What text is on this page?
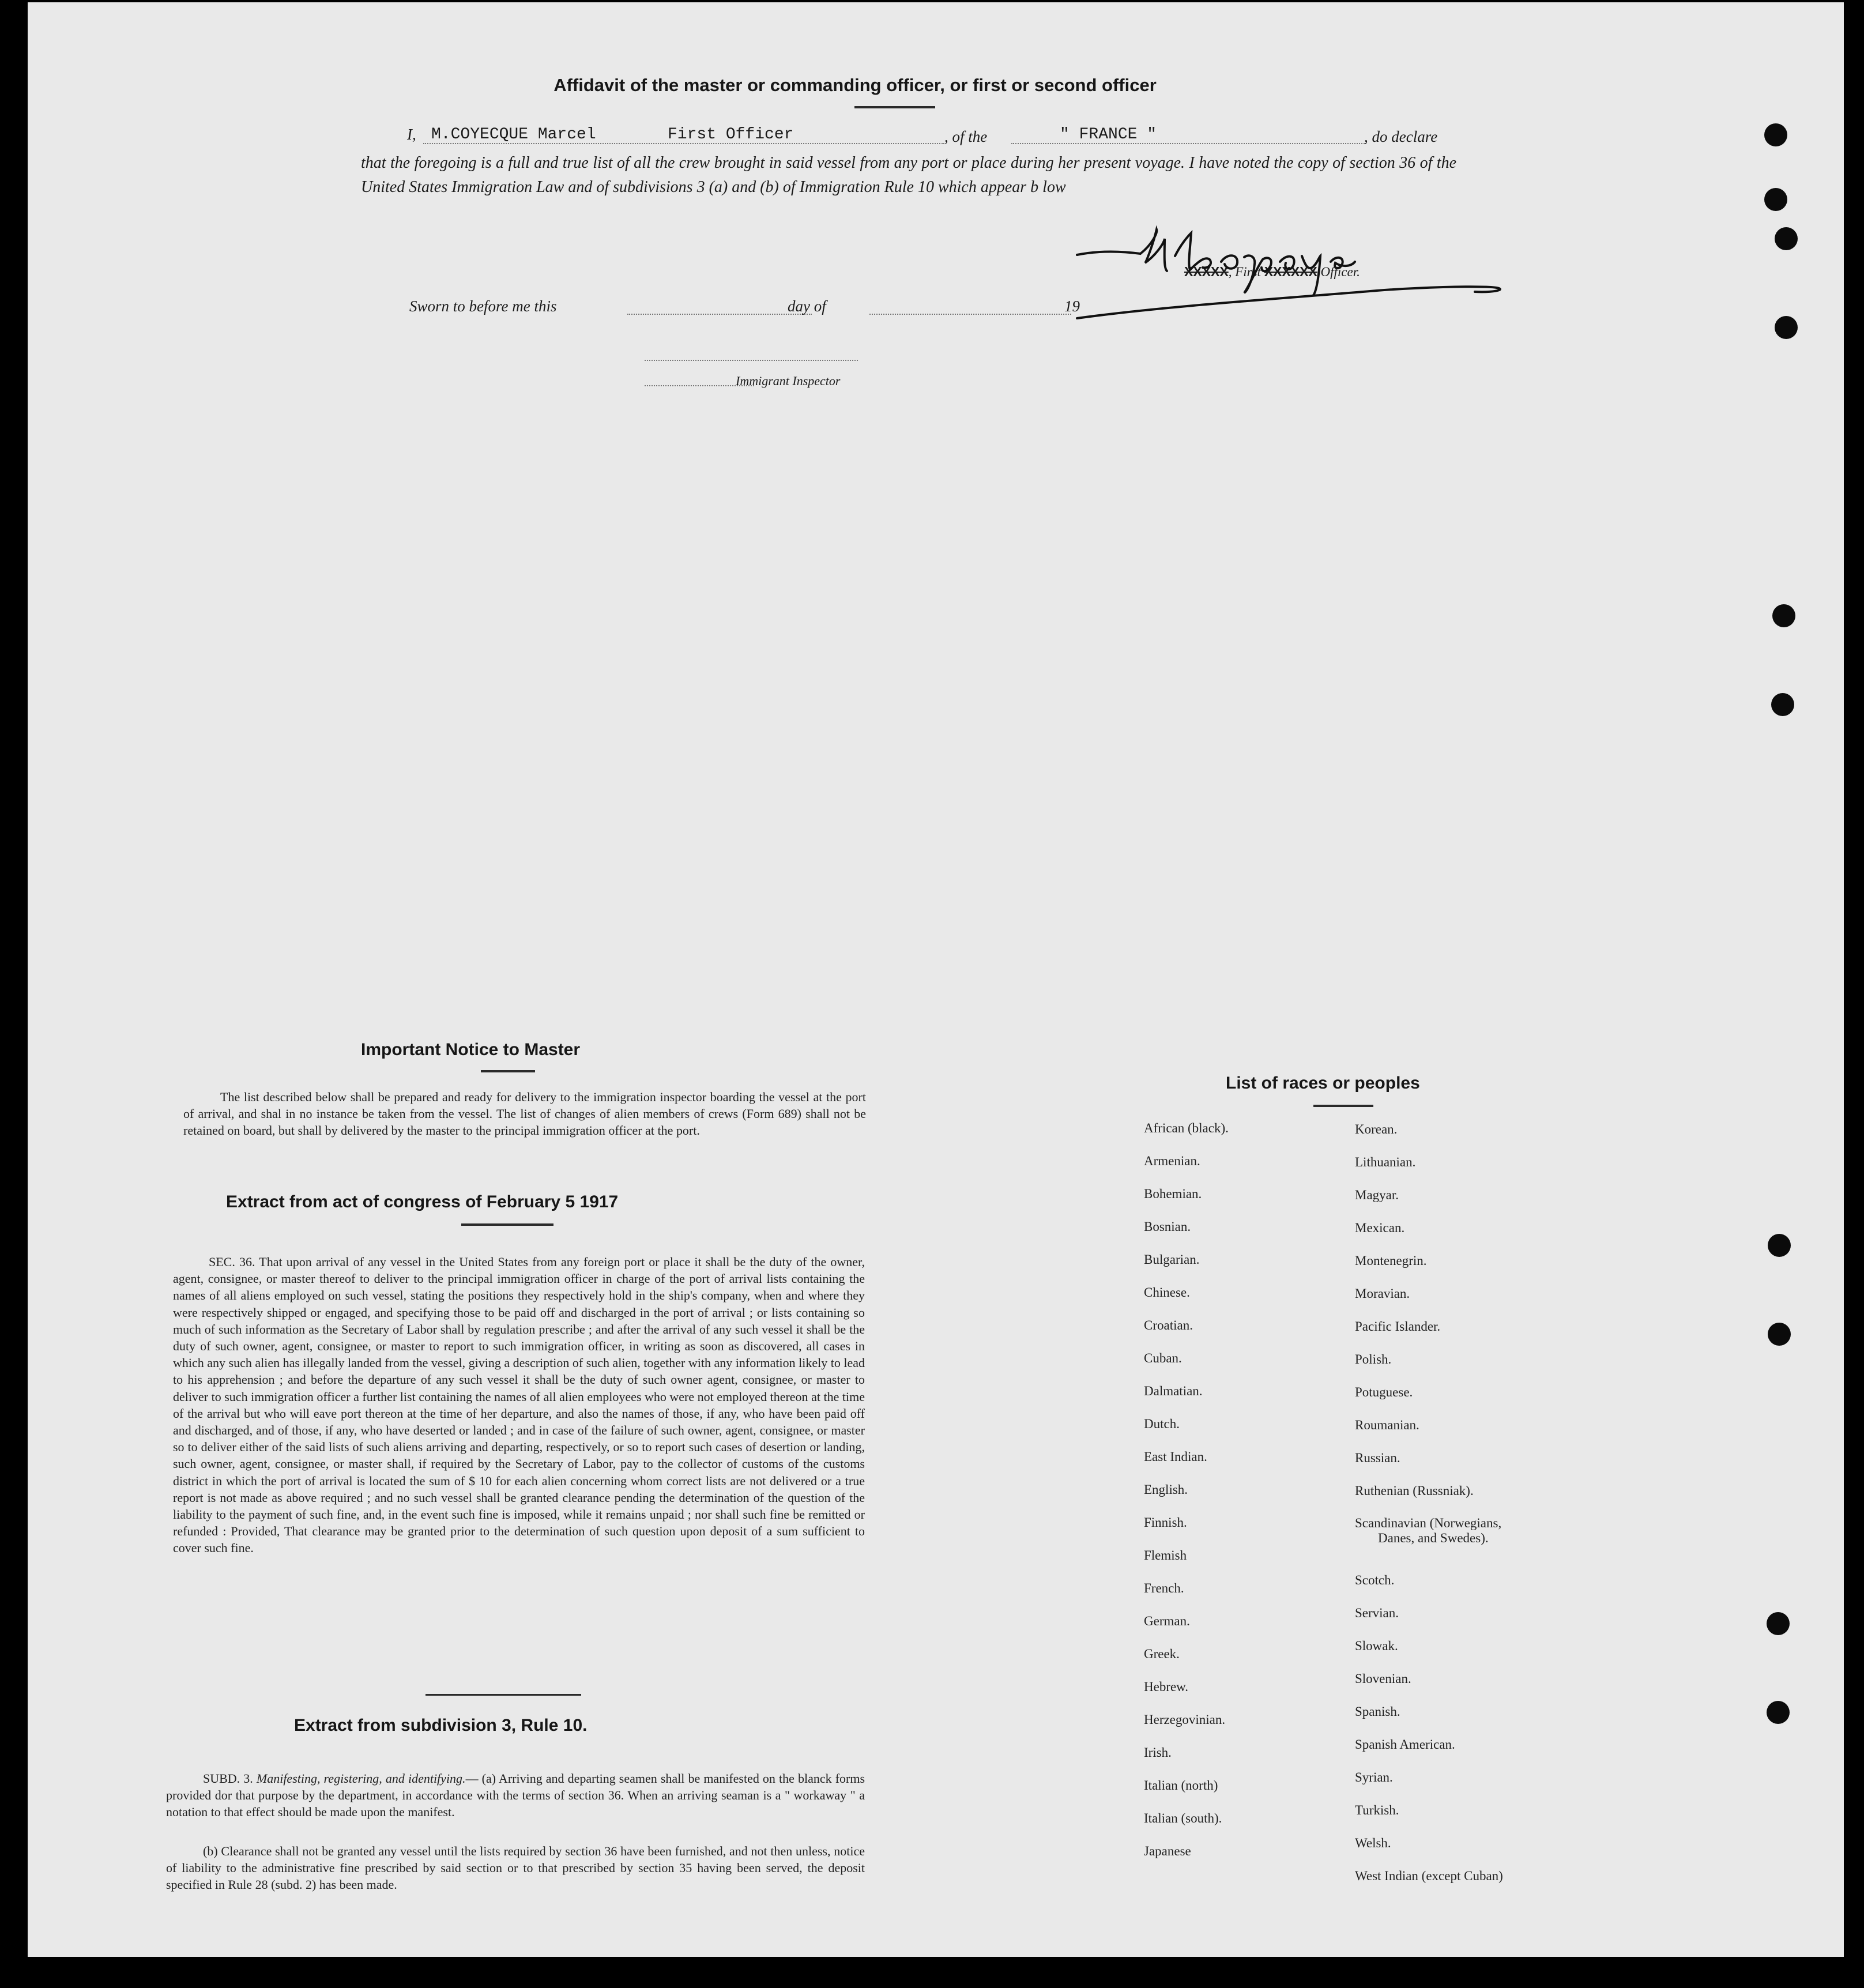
Affidavit of the master or commanding officer, or first or second officer
I, M.COYECQUE Marcel	First Officer	, of the	" FRANCE "	, do declare
that the foregoing is a full and true list of all the crew brought in said vessel from any port or place during her present voyage. I have noted the copy of section 36 of the United States Immigration Law and of subdivisions 3 (a) and (b) of Immigration Rule 10 which appear b low
XXXXX, First XXXXXX Officer.
Sworn to before me this	day of	19
Immigrant Inspector
Important Notice to Master
The list described below shall be prepared and ready for delivery to the immigration inspector boarding the vessel at the port of arrival, and shal in no instance be taken from the vessel. The list of changes of alien members of crews (Form 689) shall not be retained on board, but shall by delivered by the master to the principal immigration officer at the port.
Extract from act of congress of February 5 1917
SEC. 36. That upon arrival of any vessel in the United States from any foreign port or place it shall be the duty of the owner, agent, consignee, or master thereof to deliver to the principal immigration officer in charge of the port of arrival lists containing the names of all aliens employed on such vessel, stating the positions they respectively hold in the ship's company, when and where they were respectively shipped or engaged, and specifying those to be paid off and discharged in the port of arrival ; or lists containing so much of such information as the Secretary of Labor shall by regulation prescribe ; and after the arrival of any such vessel it shall be the duty of such owner, agent, consignee, or master to report to such immigration officer, in writing as soon as discovered, all cases in which any such alien has illegally landed from the vessel, giving a description of such alien, together with any information likely to lead to his apprehension ; and before the departure of any such vessel it shall be the duty of such owner agent, consignee, or master to deliver to such immigration officer a further list containing the names of all alien employees who were not employed thereon at the time of the arrival but who will eave port thereon at the time of her departure, and also the names of those, if any, who have been paid off and discharged, and of those, if any, who have deserted or landed ; and in case of the failure of such owner, agent, consignee, or master so to deliver either of the said lists of such aliens arriving and departing, respectively, or so to report such cases of desertion or landing, such owner, agent, consignee, or master shall, if required by the Secretary of Labor, pay to the collector of customs of the customs district in which the port of arrival is located the sum of $ 10 for each alien concerning whom correct lists are not delivered or a true report is not made as above required ; and no such vessel shall be granted clearance pending the determination of the question of the liability to the payment of such fine, and, in the event such fine is imposed, while it remains unpaid ; nor shall such fine be remitted or refunded : Provided, That clearance may be granted prior to the determination of such question upon deposit of a sum sufficient to cover such fine.
Extract from subdivision 3, Rule 10.
SUBD. 3. Manifesting, registering, and identifying.— (a) Arriving and departing seamen shall be manifested on the blanck forms provided dor that purpose by the department, in accordance with the terms of section 36. When an arriving seaman is a " workaway " a notation to that effect should be made upon the manifest.
(b) Clearance shall not be granted any vessel until the lists required by section 36 have been furnished, and not then unless, notice of liability to the administrative fine prescribed by said section or to that prescribed by section 35 having been served, the deposit specified in Rule 28 (subd. 2) has been made.
List of races or peoples
African (black).
Armenian.
Bohemian.
Bosnian.
Bulgarian.
Chinese.
Croatian.
Cuban.
Dalmatian.
Dutch.
East Indian.
English.
Finnish.
Flemish
French.
German.
Greek.
Hebrew.
Herzegovinian.
Irish.
Italian (north)
Italian (south).
Japanese
Korean.
Lithuanian.
Magyar.
Mexican.
Montenegrin.
Moravian.
Pacific Islander.
Polish.
Potuguese.
Roumanian.
Russian.
Ruthenian (Russniak).
Scandinavian (Norwegians,
Danes, and Swedes).
Scotch.
Servian.
Slowak.
Slovenian.
Spanish.
Spanish American.
Syrian.
Turkish.
Welsh.
West Indian (except Cuban)
